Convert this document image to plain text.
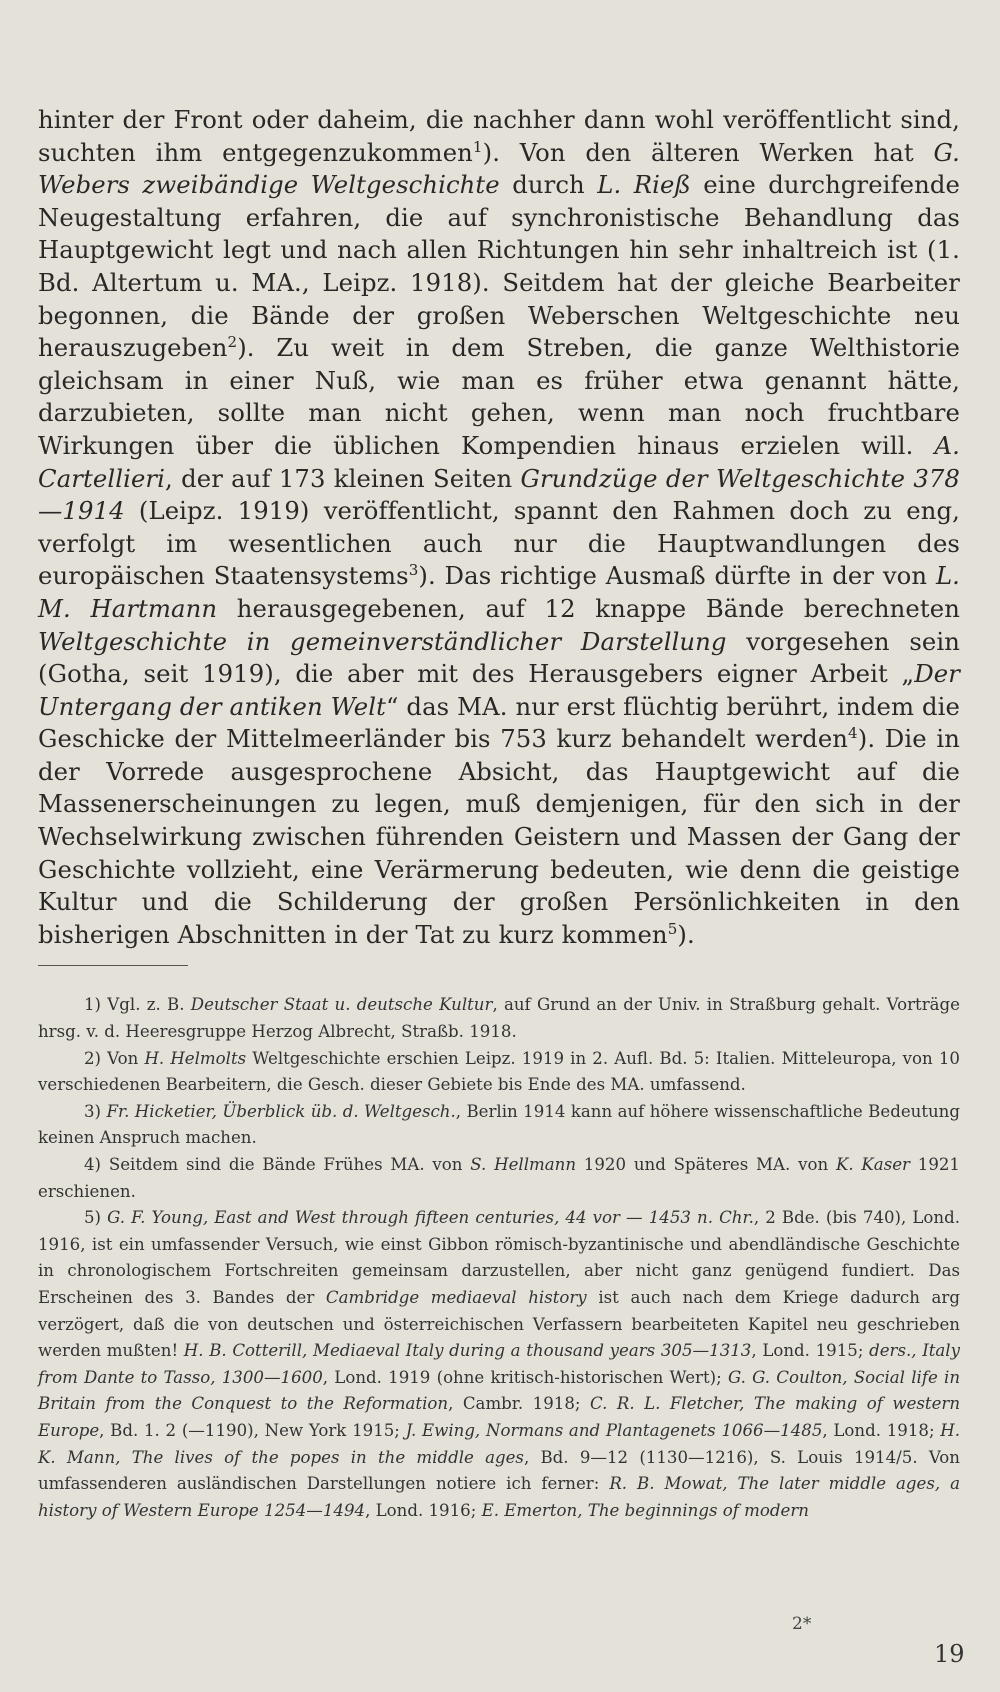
hinter der Front oder daheim, die nachher dann wohl veröffentlicht sind, suchten ihm entgegenzukommen$^1$). Von den älteren Werken hat G. Webers zweibändige Weltgeschichte durch L. Rieß eine durchgreifende Neugestaltung erfahren, die auf synchronistische Behandlung das Hauptgewicht legt und nach allen Richtungen hin sehr inhaltreich ist (1. Bd. Altertum u. MA., Leipz. 1918). Seitdem hat der gleiche Bearbeiter begonnen, die Bände der großen Weberschen Weltgeschichte neu herauszugeben$^2$). Zu weit in dem Streben, die ganze Welthistorie gleichsam in einer Nuß, wie man es früher etwa genannt hätte, darzubieten, sollte man nicht gehen, wenn man noch fruchtbare Wirkungen über die üblichen Kompendien hinaus erzielen will. A. Cartellieri, der auf 173 kleinen Seiten Grundzüge der Weltgeschichte 378—1914 (Leipz. 1919) veröffentlicht, spannt den Rahmen doch zu eng, verfolgt im wesentlichen auch nur die Hauptwandlungen des europäischen Staatensystems$^3$). Das richtige Ausmaß dürfte in der von L. M. Hartmann herausgegebenen, auf 12 knappe Bände berechneten Weltgeschichte in gemeinverständlicher Darstellung vorgesehen sein (Gotha, seit 1919), die aber mit des Herausgebers eigner Arbeit „Der Untergang der antiken Welt“ das MA. nur erst flüchtig berührt, indem die Geschicke der Mittelmeerländer bis 753 kurz behandelt werden$^4$). Die in der Vorrede ausgesprochene Absicht, das Hauptgewicht auf die Massenerscheinungen zu legen, muß demjenigen, für den sich in der Wechselwirkung zwischen führenden Geistern und Massen der Gang der Geschichte vollzieht, eine Verärmerung bedeuten, wie denn die geistige Kultur und die Schilderung der großen Persönlichkeiten in den bisherigen Abschnitten in der Tat zu kurz kommen$^5$).

1) Vgl. z. B. Deutscher Staat u. deutsche Kultur, auf Grund an der Univ. in Straßburg gehalt. Vorträge hrsg. v. d. Heeresgruppe Herzog Albrecht, Straßb. 1918.

2) Von H. Helmolts Weltgeschichte erschien Leipz. 1919 in 2. Aufl. Bd. 5: Italien. Mitteleuropa, von 10 verschiedenen Bearbeitern, die Gesch. dieser Gebiete bis Ende des MA. umfassend.

3) Fr. Hicketier, Überblick üb. d. Weltgesch., Berlin 1914 kann auf höhere wissenschaftliche Bedeutung keinen Anspruch machen.

4) Seitdem sind die Bände Frühes MA. von S. Hellmann 1920 und Späteres MA. von K. Kaser 1921 erschienen.

5) G. F. Young, East and West through fifteen centuries, 44 vor — 1453 n. Chr., 2 Bde. (bis 740), Lond. 1916, ist ein umfassender Versuch, wie einst Gibbon römisch-byzantinische und abendländische Geschichte in chronologischem Fortschreiten gemeinsam darzustellen, aber nicht ganz genügend fundiert. Das Erscheinen des 3. Bandes der Cambridge mediaeval history ist auch nach dem Kriege dadurch arg verzögert, daß die von deutschen und österreichischen Verfassern bearbeiteten Kapitel neu geschrieben werden mußten! H. B. Cotterill, Mediaeval Italy during a thousand years 305—1313, Lond. 1915; ders., Italy from Dante to Tasso, 1300—1600, Lond. 1919 (ohne kritisch-historischen Wert); G. G. Coulton, Social life in Britain from the Conquest to the Reformation, Cambr. 1918; C. R. L. Fletcher, The making of western Europe, Bd. 1. 2 (—1190), New York 1915; J. Ewing, Normans and Plantagenets 1066—1485, Lond. 1918; H. K. Mann, The lives of the popes in the middle ages, Bd. 9—12 (1130—1216), S. Louis 1914/5. Von umfassenderen ausländischen Darstellungen notiere ich ferner: R. B. Mowat, The later middle ages, a history of Western Europe 1254—1494, Lond. 1916; E. Emerton, The beginnings of modern

2*
19
